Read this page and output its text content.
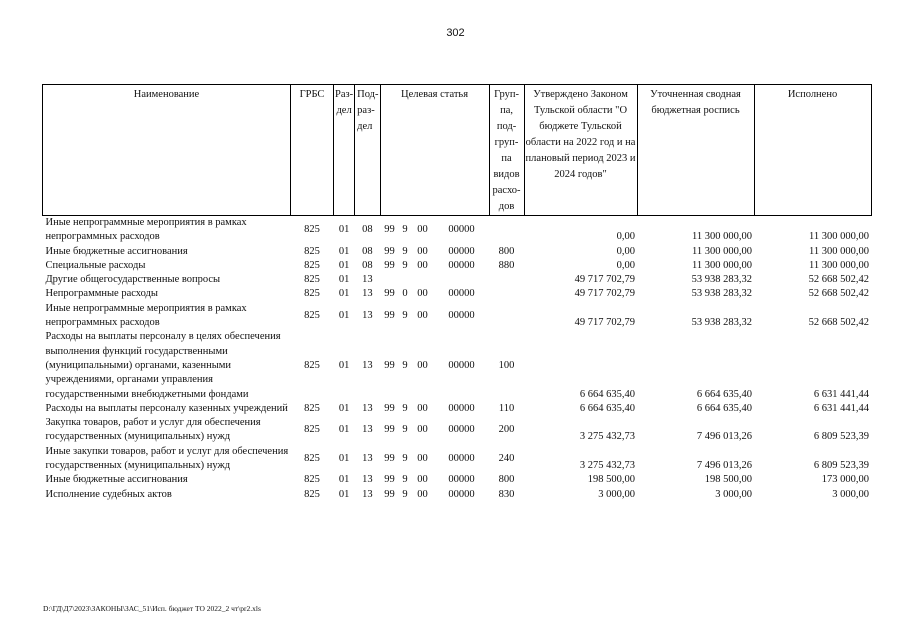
302
Наименование	ГРБС	Раз-дел	Под-раз-дел	Целевая статья				Груп-па, под-груп-па видов расхо-дов	Утверждено Законом Тульской области "О бюджете Тульской области на 2022 год и на плановый период 2023 и 2024 годов"	Уточненная сводная бюджетная роспись	Исполнено
Иные непрограммные мероприятия в рамках непрограммных расходов	825	01	08	99	9	00	00000		0,00	11 300 000,00	11 300 000,00
Иные бюджетные ассигнования	825	01	08	99	9	00	00000	800	0,00	11 300 000,00	11 300 000,00
Специальные расходы	825	01	08	99	9	00	00000	880	0,00	11 300 000,00	11 300 000,00
Другие общегосударственные вопросы	825	01	13						49 717 702,79	53 938 283,32	52 668 502,42
Непрограммные расходы	825	01	13	99	0	00	00000		49 717 702,79	53 938 283,32	52 668 502,42
Иные непрограммные мероприятия в рамках непрограммных расходов	825	01	13	99	9	00	00000		49 717 702,79	53 938 283,32	52 668 502,42
Расходы на выплаты персоналу в целях обеспечения выполнения функций государственными (муниципальными) органами, казенными учреждениями, органами управления государственными внебюджетными фондами	825	01	13	99	9	00	00000	100	6 664 635,40	6 664 635,40	6 631 441,44
Расходы на выплаты персоналу казенных учреждений	825	01	13	99	9	00	00000	110	6 664 635,40	6 664 635,40	6 631 441,44
Закупка товаров, работ и услуг для обеспечения государственных (муниципальных) нужд	825	01	13	99	9	00	00000	200	3 275 432,73	7 496 013,26	6 809 523,39
Иные закупки товаров, работ и услуг для обеспечения государственных (муниципальных) нужд	825	01	13	99	9	00	00000	240	3 275 432,73	7 496 013,26	6 809 523,39
Иные бюджетные ассигнования	825	01	13	99	9	00	00000	800	198 500,00	198 500,00	173 000,00
Исполнение судебных актов	825	01	13	99	9	00	00000	830	3 000,00	3 000,00	3 000,00
D:\ГД\Д7\2023\ЗАКОНЫ\ЗАС_51\Исп. бюджет ТО 2022_2 чт\pr2.xls
